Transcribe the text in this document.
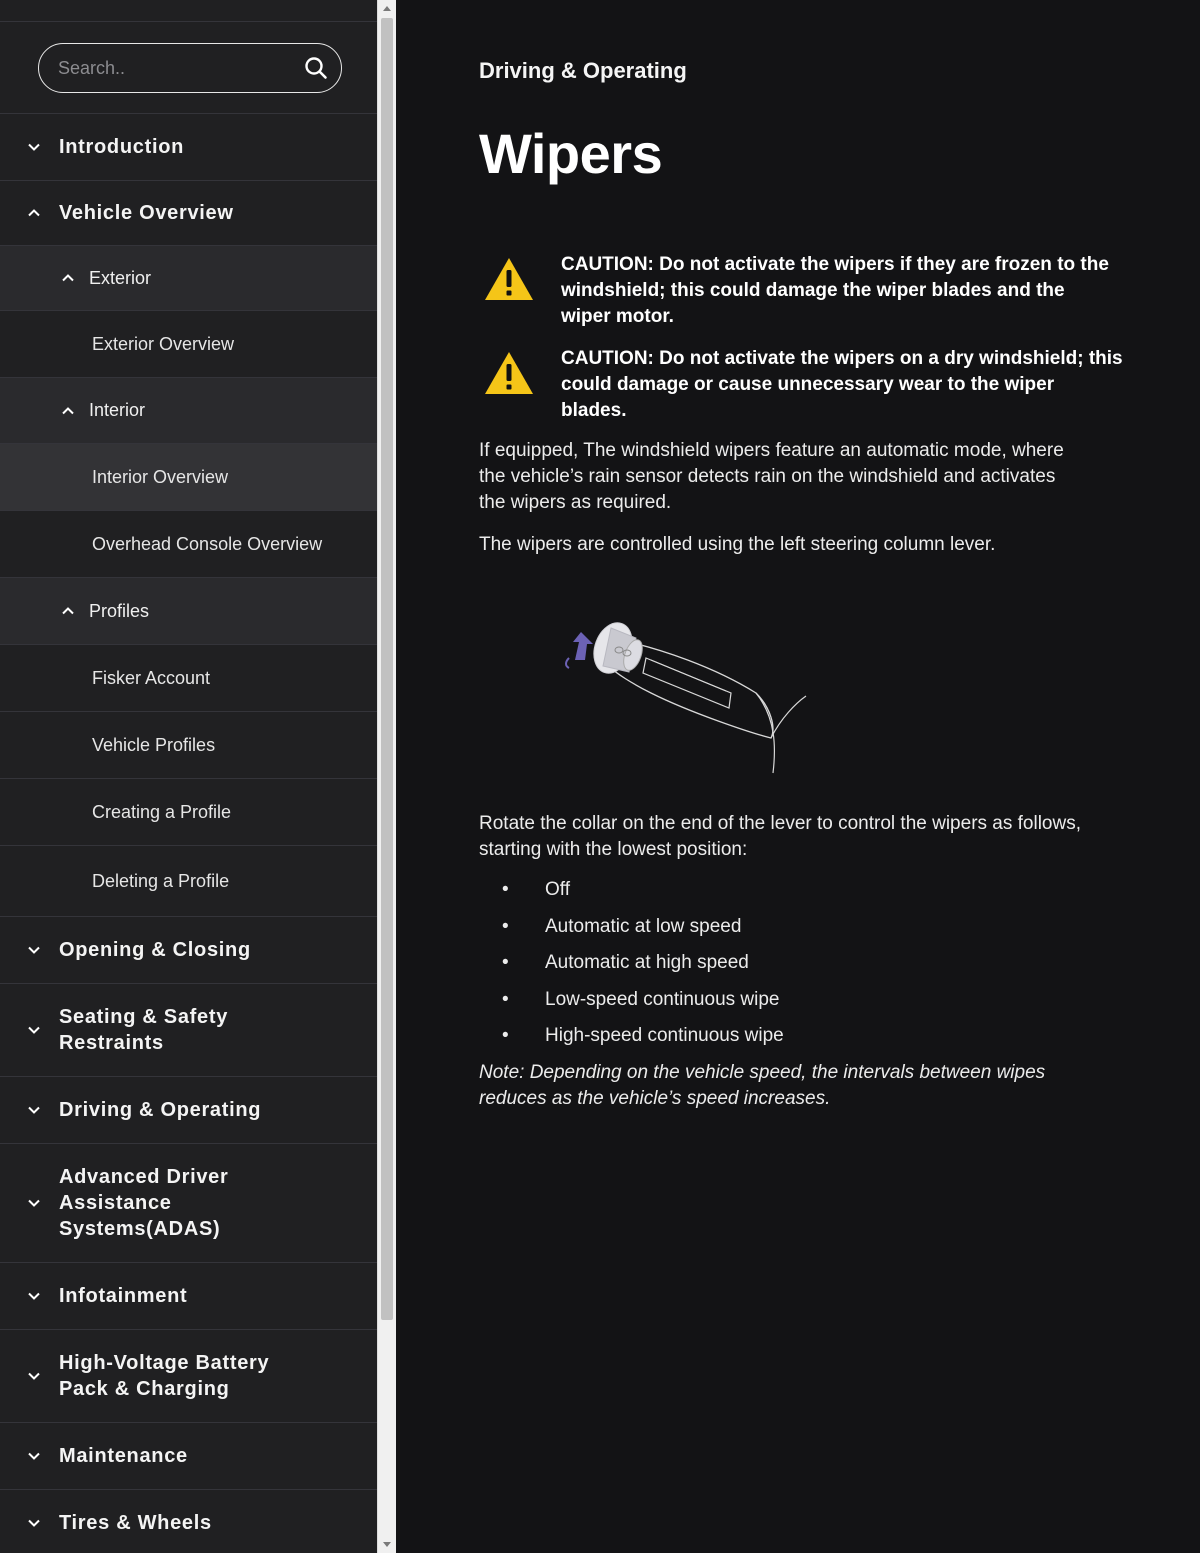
Search..
Introduction
Vehicle Overview
Exterior
Exterior Overview
Interior
Interior Overview
Overhead Console Overview
Profiles
Fisker Account
Vehicle Profiles
Creating a Profile
Deleting a Profile
Opening & Closing
Seating & Safety
Restraints
Driving & Operating
Advanced Driver
Assistance
Systems(ADAS)
Infotainment
High-Voltage Battery
Pack & Charging
Maintenance
Tires & Wheels
Driving & Operating
Wipers
CAUTION: Do not activate the wipers if they are frozen to the
windshield; this could damage the wiper blades and the
wiper motor.
CAUTION: Do not activate the wipers on a dry windshield; this
could damage or cause unnecessary wear to the wiper
blades.

If equipped, The windshield wipers feature an automatic mode, where
the vehicle’s rain sensor detects rain on the windshield and activates
the wipers as required.

The wipers are controlled using the left steering column lever.

Rotate the collar on the end of the lever to control the wipers as follows,
starting with the lowest position:

• Off
• Automatic at low speed
• Automatic at high speed
• Low-speed continuous wipe
• High-speed continuous wipe

Note: Depending on the vehicle speed, the intervals between wipes
reduces as the vehicle’s speed increases.
